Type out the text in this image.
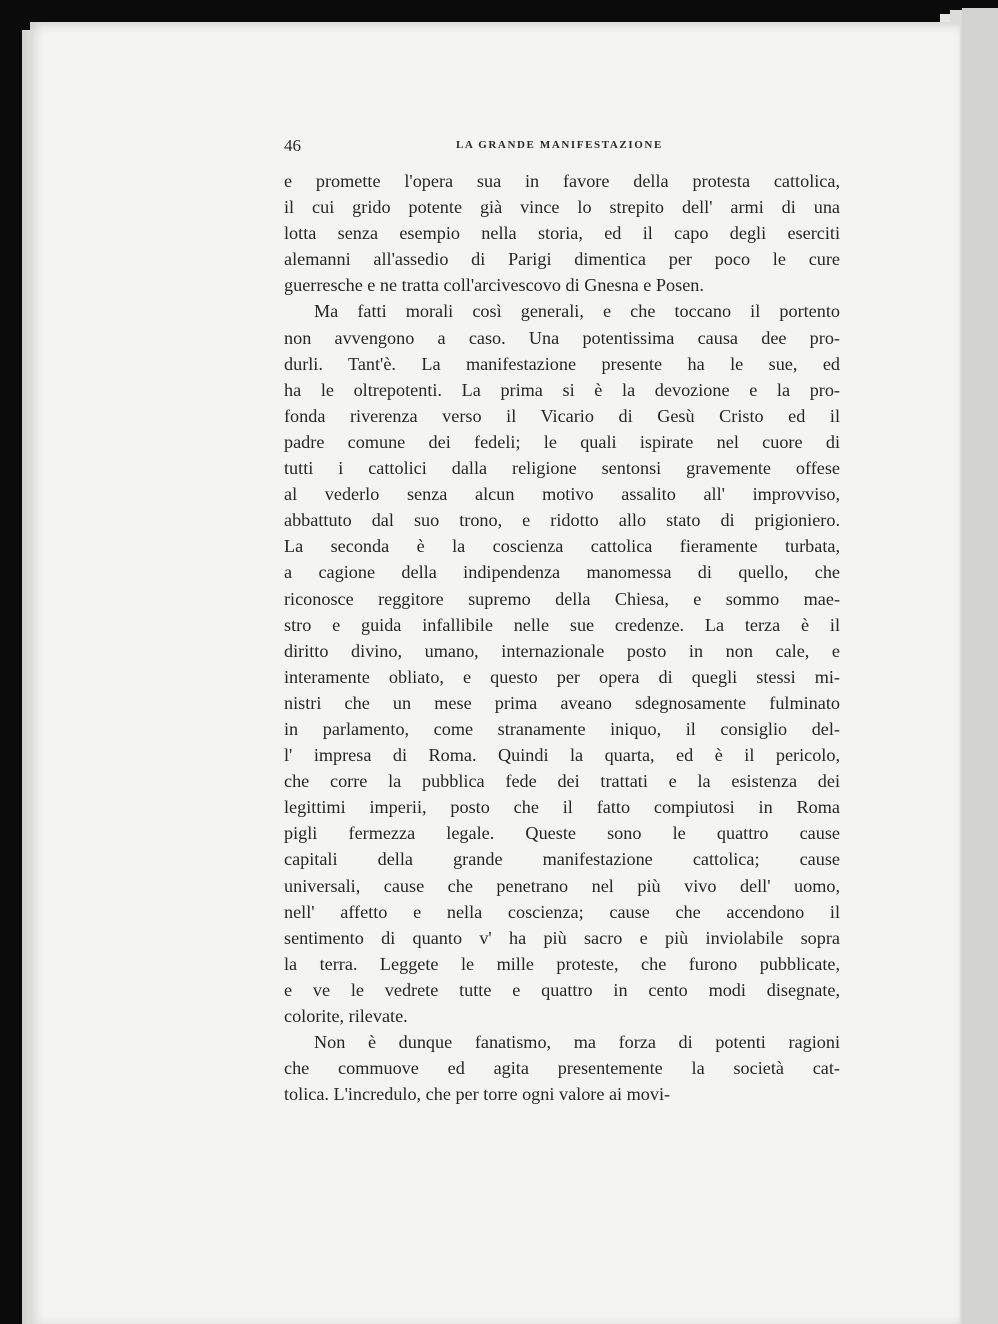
46	LA GRANDE MANIFESTAZIONE
e promette l'opera sua in favore della protesta cattolica,
il cui grido potente già vince lo strepito dell' armi di una
lotta senza esempio nella storia, ed il capo degli eserciti
alemanni all'assedio di Parigi dimentica per poco le cure
guerresche e ne tratta coll'arcivescovo di Gnesna e Posen.
Ma fatti morali così generali, e che toccano il portento
non avvengono a caso. Una potentissima causa dee pro-
durli. Tant'è. La manifestazione presente ha le sue, ed
ha le oltrepotenti. La prima si è la devozione e la pro-
fonda riverenza verso il Vicario di Gesù Cristo ed il
padre comune dei fedeli; le quali ispirate nel cuore di
tutti i cattolici dalla religione sentonsi gravemente offese
al vederlo senza alcun motivo assalito all' improvviso,
abbattuto dal suo trono, e ridotto allo stato di prigioniero.
La seconda è la coscienza cattolica fieramente turbata,
a cagione della indipendenza manomessa di quello, che
riconosce reggitore supremo della Chiesa, e sommo mae-
stro e guida infallibile nelle sue credenze. La terza è il
diritto divino, umano, internazionale posto in non cale, e
interamente obliato, e questo per opera di quegli stessi mi-
nistri che un mese prima aveano sdegnosamente fulminato
in parlamento, come stranamente iniquo, il consiglio del-
l' impresa di Roma. Quindi la quarta, ed è il pericolo,
che corre la pubblica fede dei trattati e la esistenza dei
legittimi imperii, posto che il fatto compiutosi in Roma
pigli fermezza legale. Queste sono le quattro cause
capitali della grande manifestazione cattolica; cause
universali, cause che penetrano nel più vivo dell' uomo,
nell' affetto e nella coscienza; cause che accendono il
sentimento di quanto v' ha più sacro e più inviolabile sopra
la terra. Leggete le mille proteste, che furono pubblicate,
e ve le vedrete tutte e quattro in cento modi disegnate,
colorite, rilevate.
Non è dunque fanatismo, ma forza di potenti ragioni
che commuove ed agita presentemente la società cat-
tolica. L'incredulo, che per torre ogni valore ai movi-
